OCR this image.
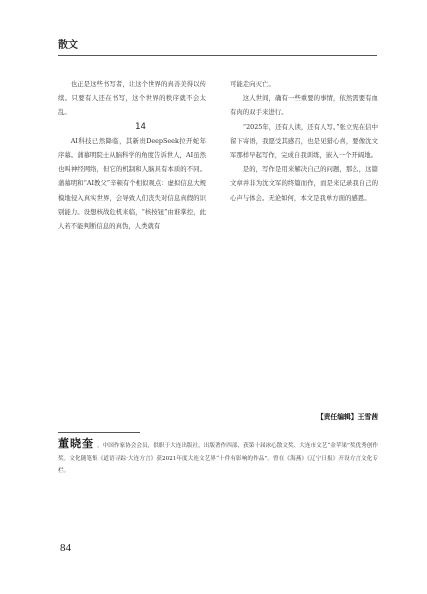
散文

也正是这些书写者，让这个世界的真善美得以传续。只要有人还在书写，这个世界的秩序就不会太乱。

14

AI科技已然降临，其新贵DeepSeek拉开蛇年序幕。蒲慕明院士从脑科学的角度告诉世人，AI虽然也叫神经网络，但它的机制和人脑具有本质的不同。蒲慕明和“AI教父”辛顿有个相似观点：虚拟信息大规模地侵入真实世界，会导致人们丧失对信息真假的识别能力。设想核战危机来临，“核按钮”由谁掌控，此人若不能判断信息的真伪，人类就有

可能走向灭亡。

这人世间，确有一些重要的事情，依然需要有血有肉的双手来进行。

“2025年，还有人读，还有人写。”张立宪在信中留下寄语，我愿受其感召，也是见猎心喜，要像沈文军那样早起写作，完成自我训练，嵌入一个开阔地。

是的，写作是用来解决自己的问题，那么，这篇文章并非为沈文军的终篇而作，而是来记录我自己的心声与体会。无论如何，本文是我单方面的感恩。

【责任编辑】王雪茜
董晓奎 ，中国作家协会会员，供职于大连出版社，出版著作四部，获第十届冰心散文奖、大连市文艺“金苹果”奖优秀创作奖。文化随笔集《道语寻踪·大连方言》获2021年度大连文艺界“十件有影响的作品”。曾在《海燕》《辽宁日报》开设方言文化专栏。
84
